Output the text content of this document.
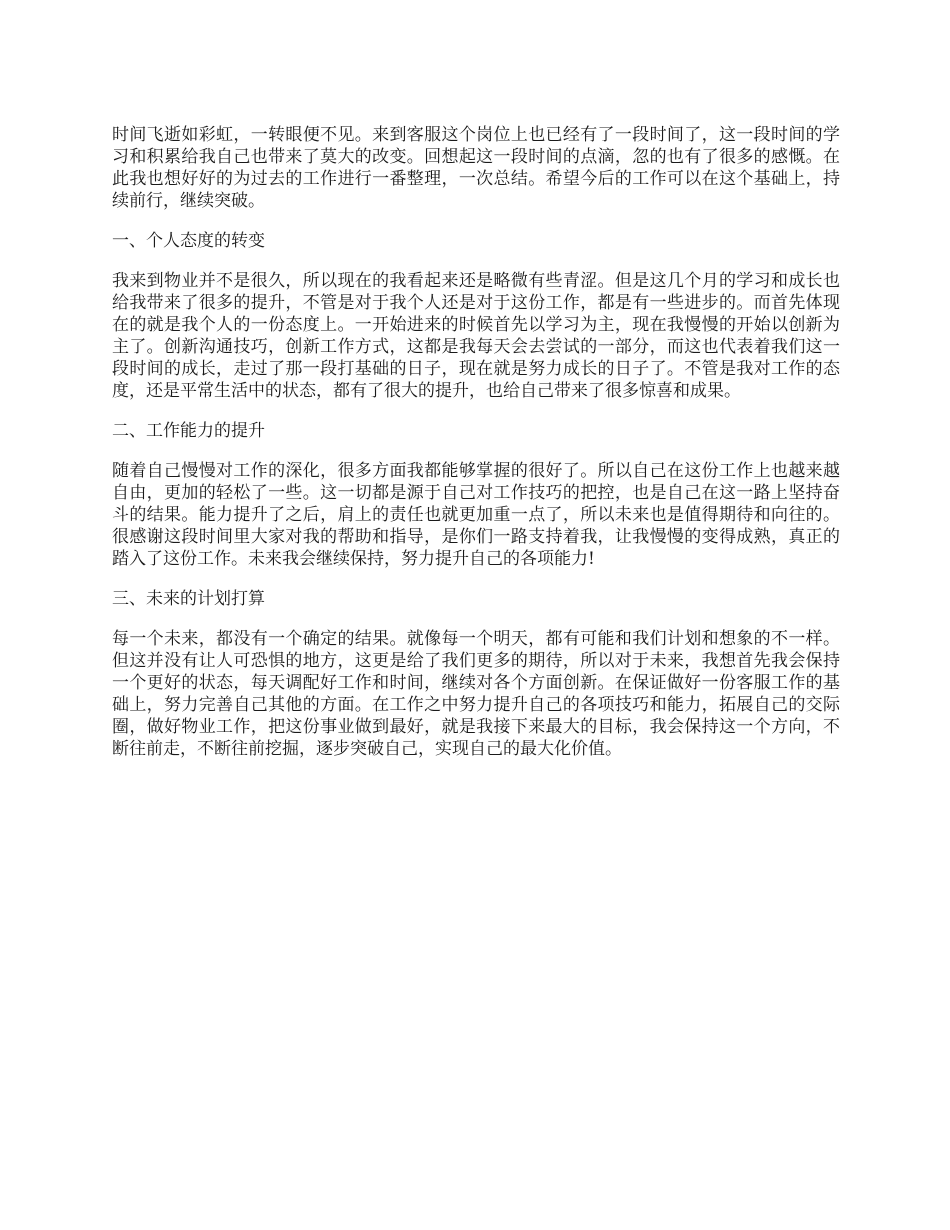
时间飞逝如彩虹，一转眼便不见。来到客服这个岗位上也已经有了一段时间了，这一段时间的学习和积累给我自己也带来了莫大的改变。回想起这一段时间的点滴，忽的也有了很多的感慨。在此我也想好好的为过去的工作进行一番整理，一次总结。希望今后的工作可以在这个基础上，持续前行，继续突破。

一、个人态度的转变

我来到物业并不是很久，所以现在的我看起来还是略微有些青涩。但是这几个月的学习和成长也给我带来了很多的提升，不管是对于我个人还是对于这份工作，都是有一些进步的。而首先体现在的就是我个人的一份态度上。一开始进来的时候首先以学习为主，现在我慢慢的开始以创新为主了。创新沟通技巧，创新工作方式，这都是我每天会去尝试的一部分，而这也代表着我们这一段时间的成长，走过了那一段打基础的日子，现在就是努力成长的日子了。不管是我对工作的态度，还是平常生活中的状态，都有了很大的提升，也给自己带来了很多惊喜和成果。

二、工作能力的提升

随着自己慢慢对工作的深化，很多方面我都能够掌握的很好了。所以自己在这份工作上也越来越自由，更加的轻松了一些。这一切都是源于自己对工作技巧的把控，也是自己在这一路上坚持奋斗的结果。能力提升了之后，肩上的责任也就更加重一点了，所以未来也是值得期待和向往的。很感谢这段时间里大家对我的帮助和指导，是你们一路支持着我，让我慢慢的变得成熟，真正的踏入了这份工作。未来我会继续保持，努力提升自己的各项能力!

三、未来的计划打算

每一个未来，都没有一个确定的结果。就像每一个明天，都有可能和我们计划和想象的不一样。但这并没有让人可恐惧的地方，这更是给了我们更多的期待，所以对于未来，我想首先我会保持一个更好的状态，每天调配好工作和时间，继续对各个方面创新。在保证做好一份客服工作的基础上，努力完善自己其他的方面。在工作之中努力提升自己的各项技巧和能力，拓展自己的交际圈，做好物业工作，把这份事业做到最好，就是我接下来最大的目标，我会保持这一个方向，不断往前走，不断往前挖掘，逐步突破自己，实现自己的最大化价值。
